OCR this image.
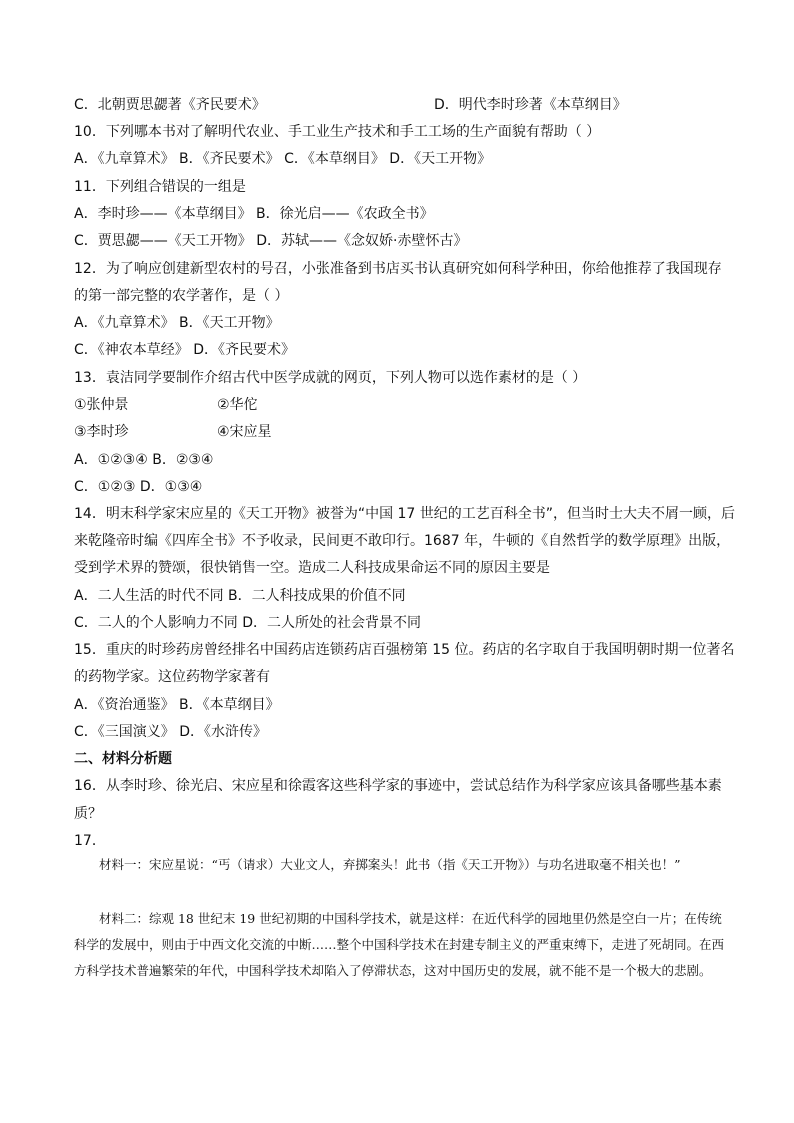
C．北朝贾思勰著《齐民要术》	D．明代李时珍著《本草纲目》
10．下列哪本书对了解明代农业、手工业生产技术和手工工场的生产面貌有帮助（ ）
A．《九章算术》 B．《齐民要术》 C．《本草纲目》 D．《天工开物》
11．下列组合错误的一组是
A．李时珍——《本草纲目》 B．徐光启——《农政全书》
C．贾思勰——《天工开物》 D．苏轼——《念奴娇·赤壁怀古》
12．为了响应创建新型农村的号召，小张准备到书店买书认真研究如何科学种田，你给他推荐了我国现存
的第一部完整的农学著作，是（ ）
A．《九章算术》 B．《天工开物》
C．《神农本草经》 D．《齐民要术》
13．袁洁同学要制作介绍古代中医学成就的网页，下列人物可以选作素材的是（ ）
①张仲景	②华佗
③李时珍	④宋应星
A．①②③④ B．②③④
C．①②③ D．①③④
14．明末科学家宋应星的《天工开物》被誉为“中国 17 世纪的工艺百科全书”，但当时士大夫不屑一顾，后
来乾隆帝时编《四库全书》不予收录，民间更不敢印行。1687 年，牛顿的《自然哲学的数学原理》出版，
受到学术界的赞颂，很快销售一空。造成二人科技成果命运不同的原因主要是
A．二人生活的时代不同 B．二人科技成果的价值不同
C．二人的个人影响力不同 D．二人所处的社会背景不同
15．重庆的时珍药房曾经排名中国药店连锁药店百强榜第 15 位。药店的名字取自于我国明朝时期一位著名
的药物学家。这位药物学家著有
A．《资治通鉴》 B．《本草纲目》
C．《三国演义》 D．《水浒传》
二、材料分析题
16．从李时珍、徐光启、宋应星和徐霞客这些科学家的事迹中，尝试总结作为科学家应该具备哪些基本素
质？
17．
材料一：宋应星说：“丐（请求）大业文人，弃掷案头！此书（指《天工开物》）与功名进取毫不相关也！”
材料二：综观 18 世纪末 19 世纪初期的中国科学技术，就是这样：在近代科学的园地里仍然是空白一片；在传统科学的发展中，则由于中西文化交流的中断……整个中国科学技术在封建专制主义的严重束缚下，走进了死胡同。在西方科学技术普遍繁荣的年代，中国科学技术却陷入了停滞状态，这对中国历史的发展，就不能不是一个极大的悲剧。
